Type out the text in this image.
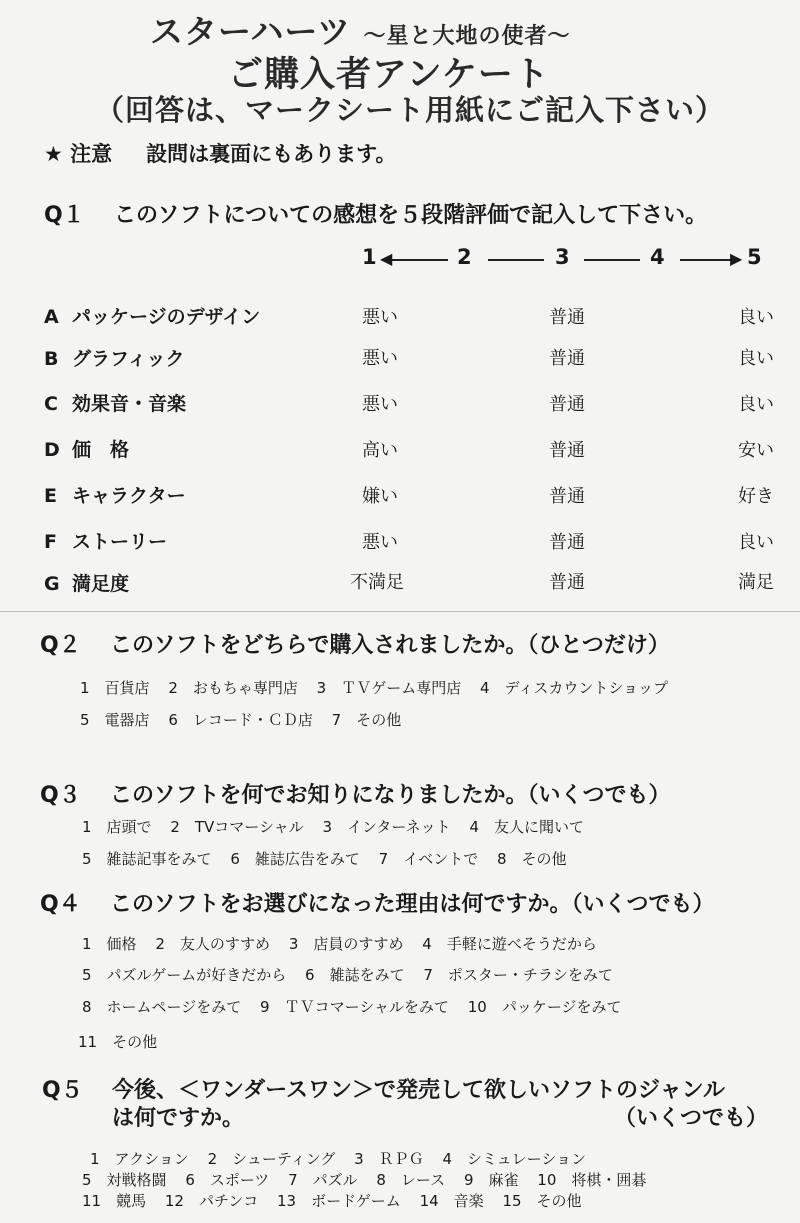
スターハーツ ～星と大地の使者～
ご購入者アンケート
（回答は、マークシート用紙にご記入下さい）
★ 注意 設問は裏面にもあります。
Q１ このソフトについての感想を５段階評価で記入して下さい。
1 ◀	2	3	4	▶ 5
A パッケージのデザイン	悪い	普通	良い
B グラフィック	悪い	普通	良い
C 効果音・音楽	悪い	普通	良い
D 価　格	高い	普通	安い
E キャラクター	嫌い	普通	好き
F ストーリー	悪い	普通	良い
G 満足度	不満足	普通	満足
Q２ このソフトをどちらで購入されましたか。（ひとつだけ）
1　百貨店 2　おもちゃ専門店 3　ＴＶゲーム専門店 4　ディスカウントショップ
5　電器店 6　レコード・ＣＤ店 7　その他
Q３ このソフトを何でお知りになりましたか。（いくつでも）
1　店頭で 2　TVコマーシャル 3　インターネット 4　友人に聞いて
5　雑誌記事をみて 6　雑誌広告をみて 7　イベントで 8　その他
Q４ このソフトをお選びになった理由は何ですか。（いくつでも）
1　価格 2　友人のすすめ 3　店員のすすめ 4　手軽に遊べそうだから
5　パズルゲームが好きだから 6　雑誌をみて 7　ポスター・チラシをみて
8　ホームページをみて 9　ＴＶコマーシャルをみて 10　パッケージをみて
11　その他
Q５ 今後、＜ワンダースワン＞で発売して欲しいソフトのジャンル
は何ですか。	（いくつでも）
1　アクション 2　シューティング 3　ＲＰＧ 4　シミュレーション
5　対戦格闘 6　スポーツ 7　パズル 8　レース 9　麻雀 10　将棋・囲碁
11　競馬 12　パチンコ 13　ボードゲーム 14　音楽 15　その他
